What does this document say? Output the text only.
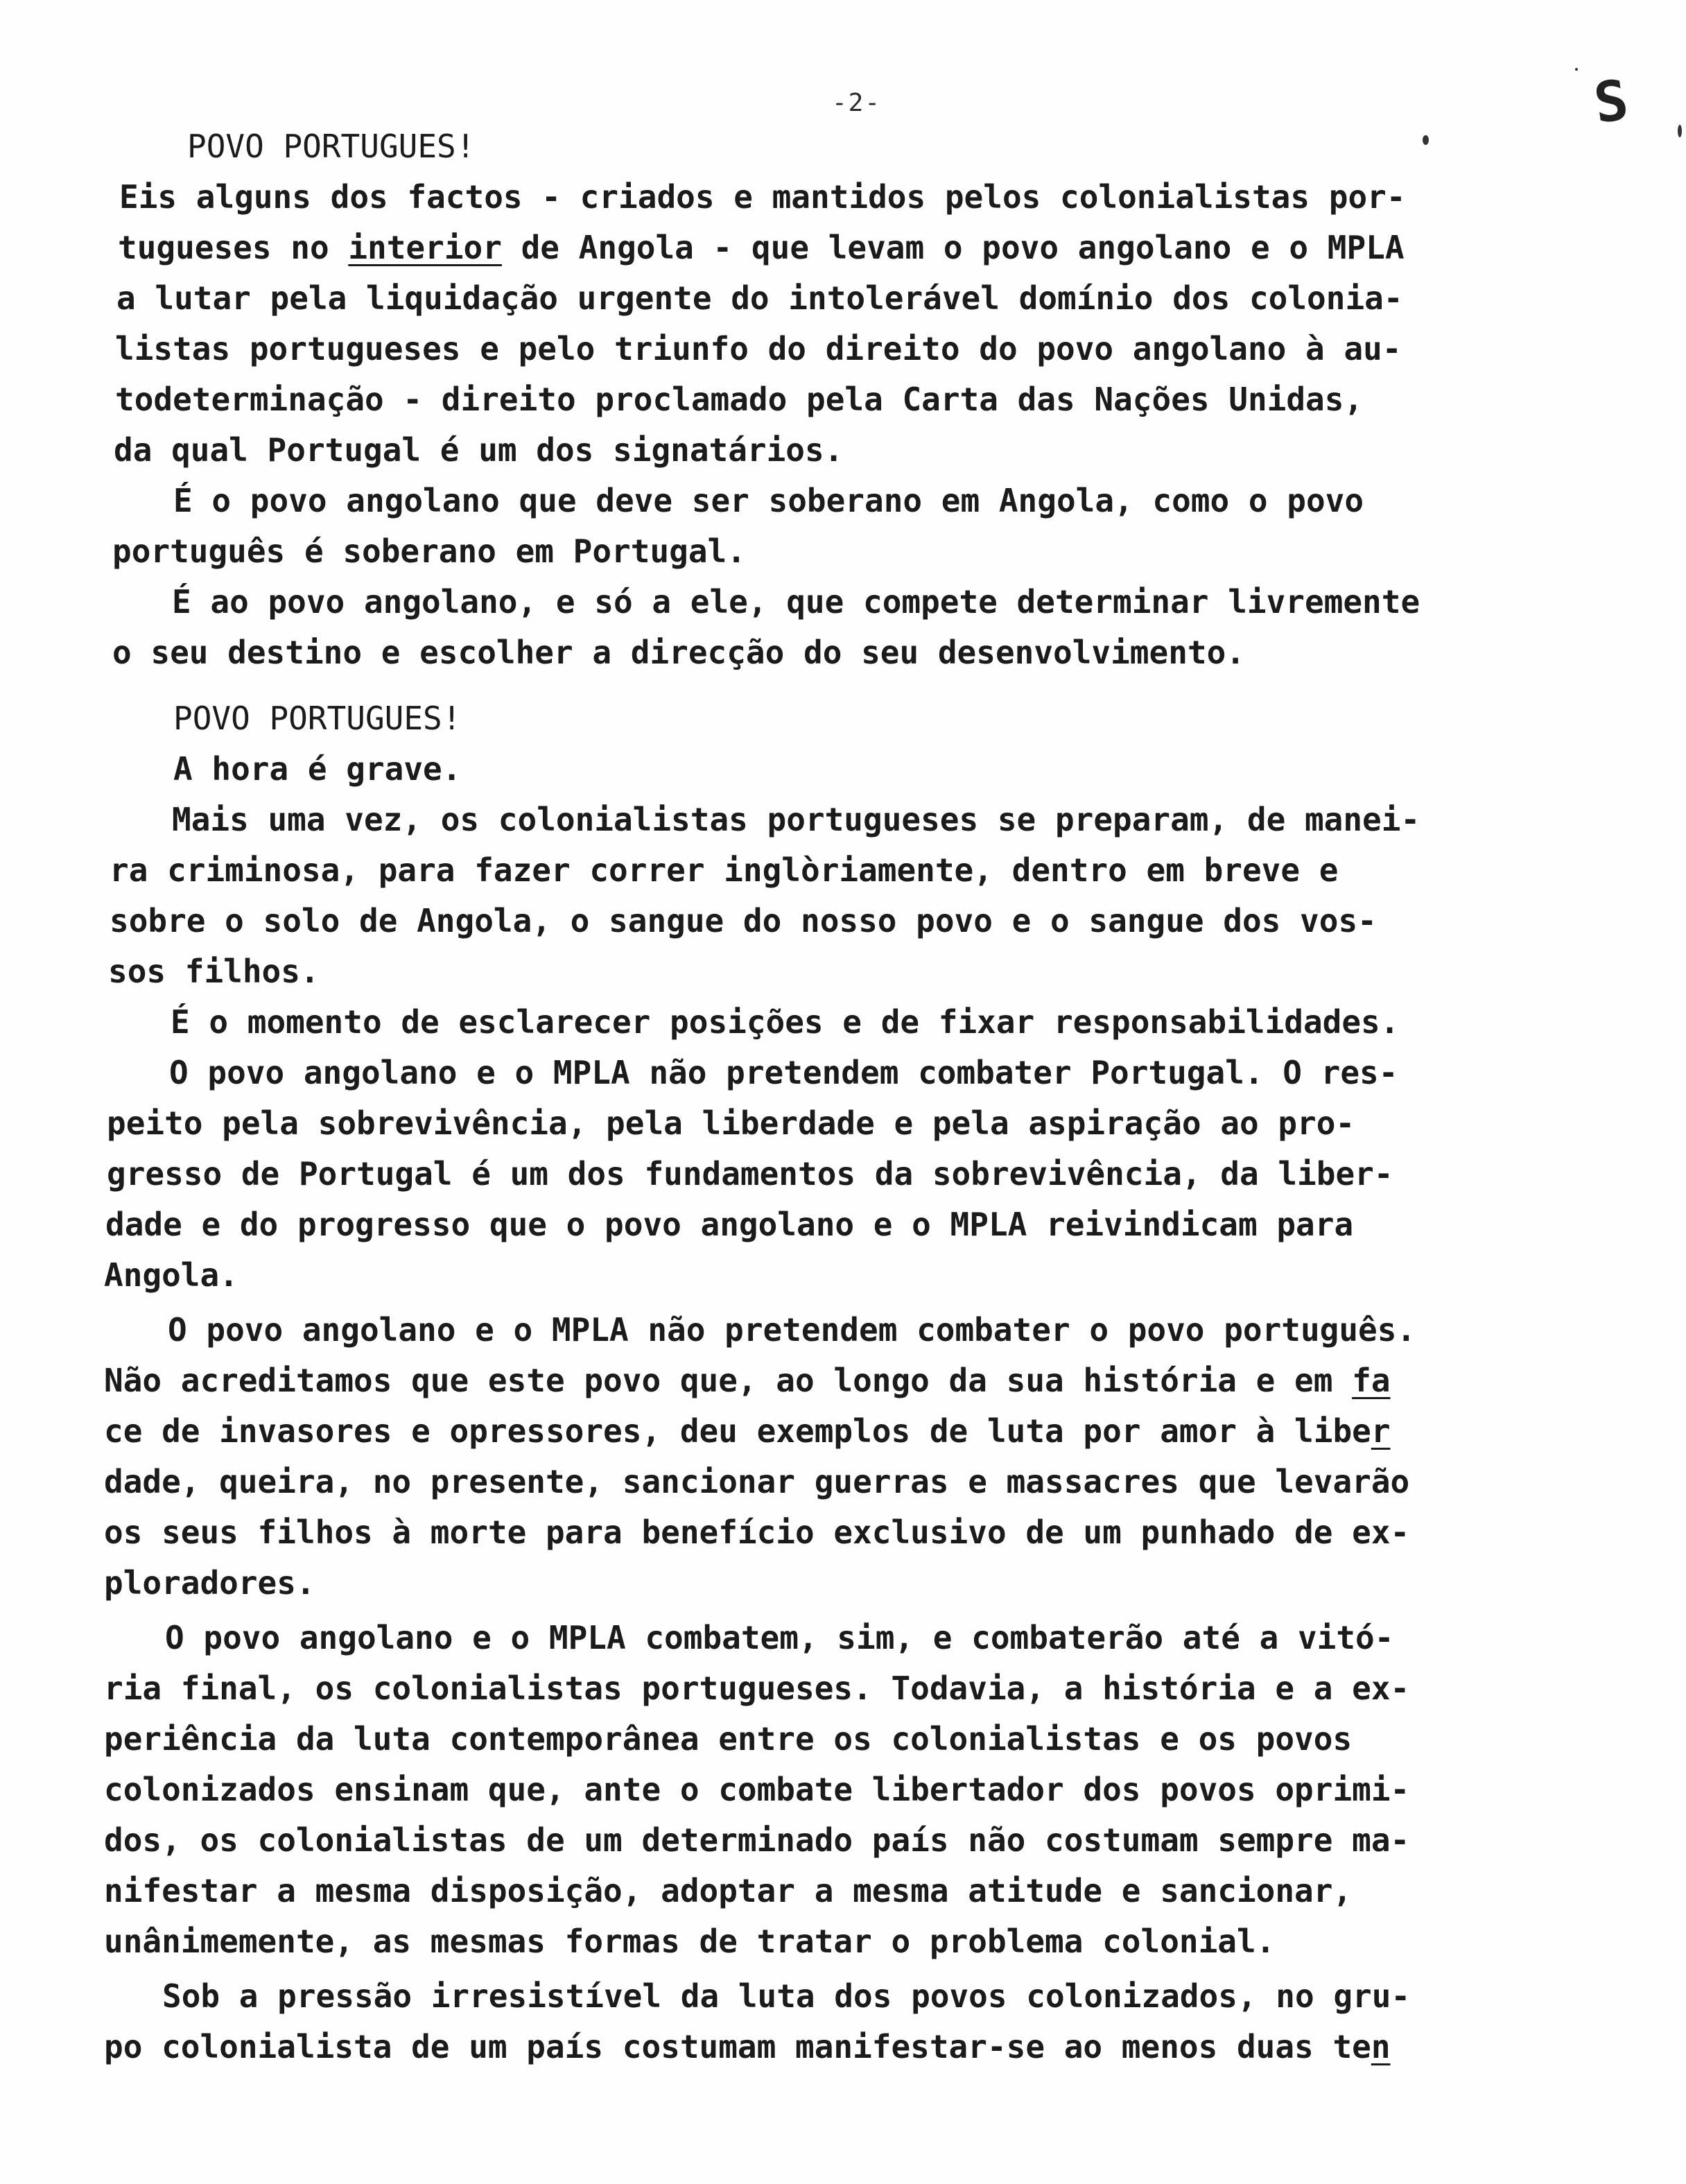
-2-	S
POVO PORTUGUES!
Eis alguns dos factos - criados e mantidos pelos colonialistas por-
tugueses no interior de Angola - que levam o povo angolano e o MPLA
a lutar pela liquidação urgente do intolerável domínio dos colonia-
listas portugueses e pelo triunfo do direito do povo angolano à au-
todeterminação - direito proclamado pela Carta das Nações Unidas,
da qual Portugal é um dos signatários.
É o povo angolano que deve ser soberano em Angola, como o povo
português é soberano em Portugal.
É ao povo angolano, e só a ele, que compete determinar livremente
o seu destino e escolher a direcção do seu desenvolvimento.
POVO PORTUGUES!
A hora é grave.
Mais uma vez, os colonialistas portugueses se preparam, de manei-
ra criminosa, para fazer correr inglòriamente, dentro em breve e
sobre o solo de Angola, o sangue do nosso povo e o sangue dos vos-
sos filhos.
É o momento de esclarecer posições e de fixar responsabilidades.
O povo angolano e o MPLA não pretendem combater Portugal. O res-
peito pela sobrevivência, pela liberdade e pela aspiração ao pro-
gresso de Portugal é um dos fundamentos da sobrevivência, da liber-
dade e do progresso que o povo angolano e o MPLA reivindicam para
Angola.
O povo angolano e o MPLA não pretendem combater o povo português.
Não acreditamos que este povo que, ao longo da sua história e em fa
ce de invasores e opressores, deu exemplos de luta por amor à liber
dade, queira, no presente, sancionar guerras e massacres que levarão
os seus filhos à morte para benefício exclusivo de um punhado de ex-
ploradores.
O povo angolano e o MPLA combatem, sim, e combaterão até a vitó-
ria final, os colonialistas portugueses. Todavia, a história e a ex-
periência da luta contemporânea entre os colonialistas e os povos
colonizados ensinam que, ante o combate libertador dos povos oprimi-
dos, os colonialistas de um determinado país não costumam sempre ma-
nifestar a mesma disposição, adoptar a mesma atitude e sancionar,
unânimemente, as mesmas formas de tratar o problema colonial.
Sob a pressão irresistível da luta dos povos colonizados, no gru-
po colonialista de um país costumam manifestar-se ao menos duas ten
